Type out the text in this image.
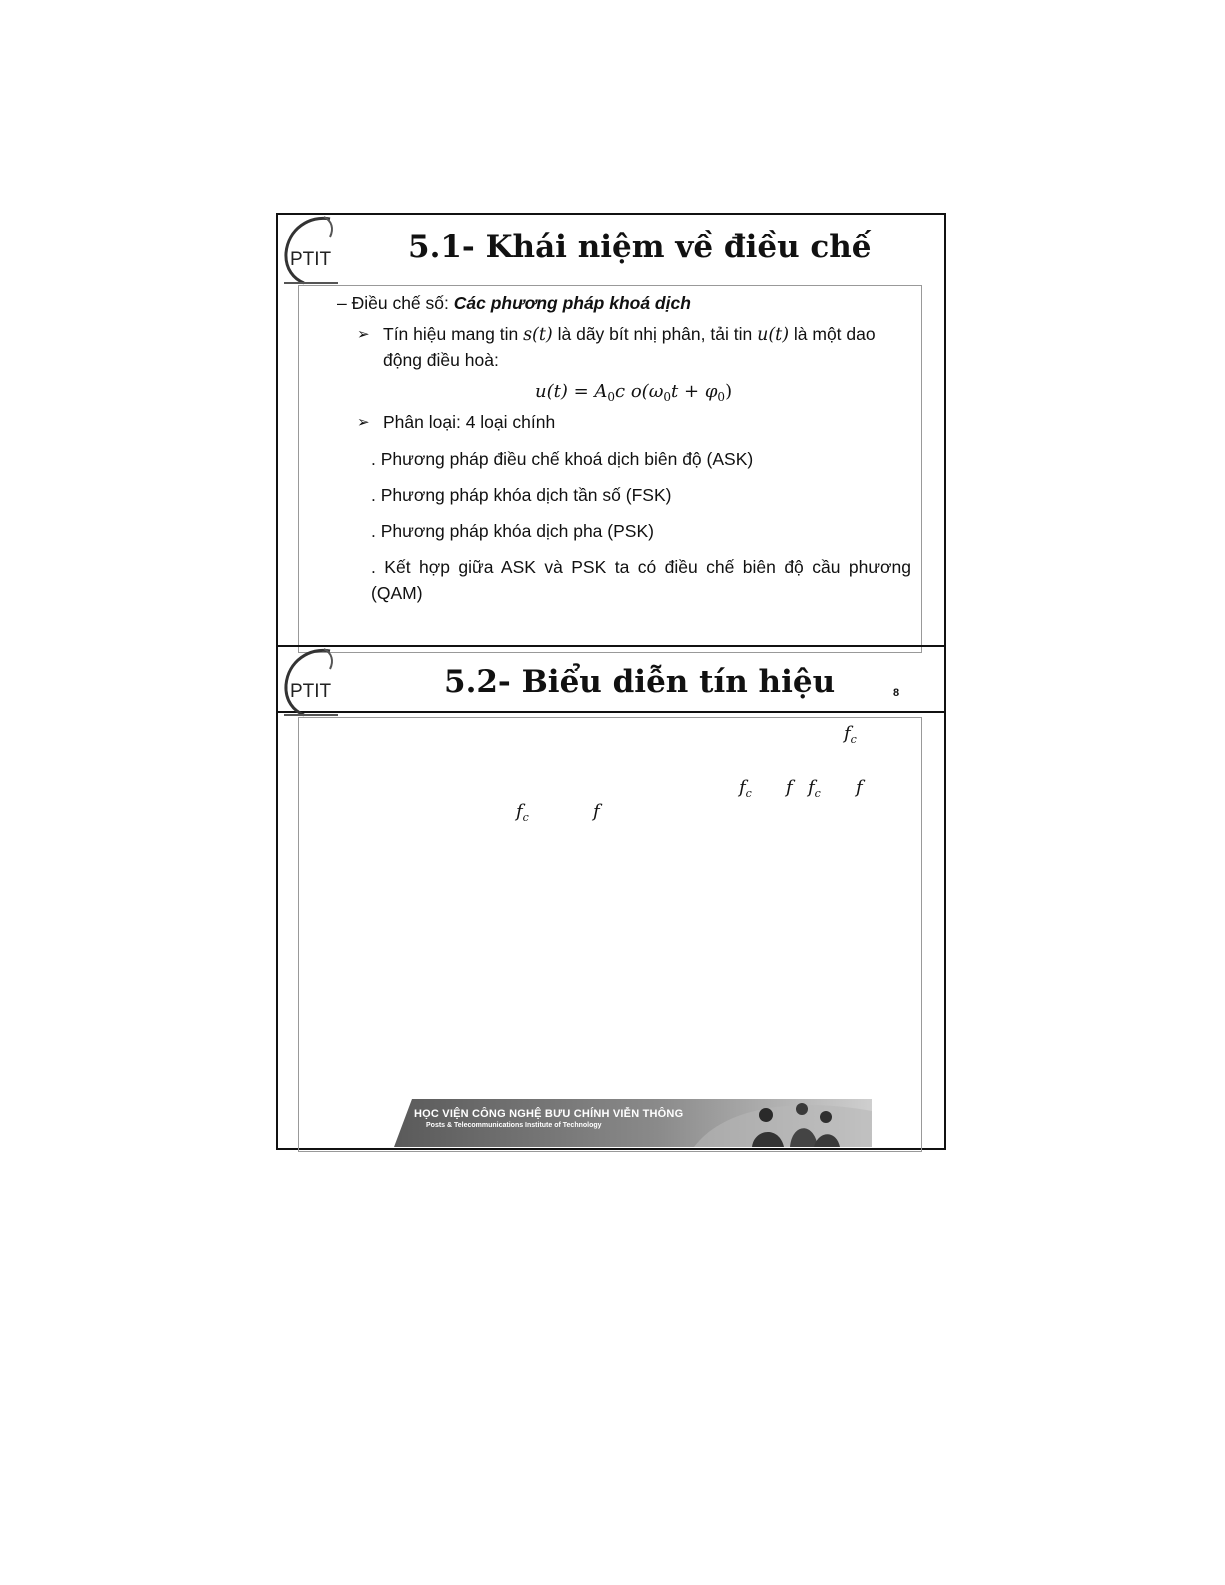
PTIT 5.1- Khái niệm về điều chế
– Điều chế số: Các phương pháp khoá dịch
➢ Tín hiệu mang tin s(t) là dãy bít nhị phân, tải tin u(t) là một dao
động điều hoà:
$u(t) = A_0c$ $o(\omega_0t + \varphi_0)$
➢ Phân loại: 4 loại chính
. Phương pháp điều chế khoá dịch biên độ (ASK)
. Phương pháp khóa dịch tần số (FSK)
. Phương pháp khóa dịch pha (PSK)
. Kết hợp giữa ASK và PSK ta có điều chế biên độ cầu phương
(QAM)
PTIT	5.2- Biểu diễn tín hiệu	8
$f_c$
$f_c$ f $f_c$ f
$f_c$	f
HỌC VIỆN CÔNG NGHỆ BƯU CHÍNH VIỄN THÔNG
Posts & Telecommunications Institute of Technology
